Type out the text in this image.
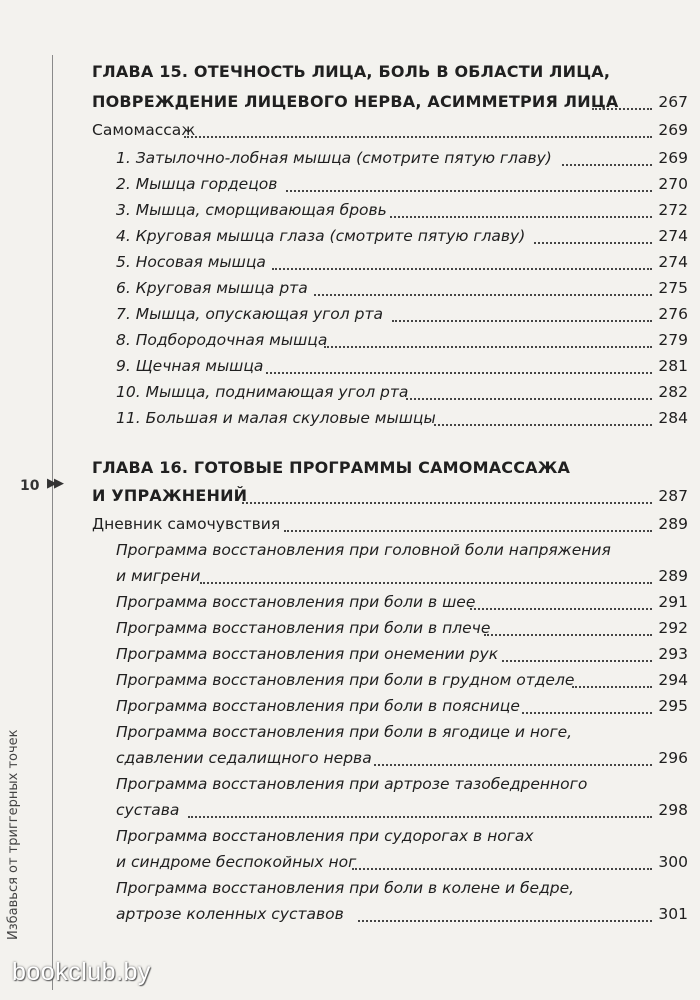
10 ▶▶
Избавься от триггерных точек
ГЛАВА 15. ОТЕЧНОСТЬ ЛИЦА, БОЛЬ В ОБЛАСТИ ЛИЦА,
ПОВРЕЖДЕНИЕ ЛИЦЕВОГО НЕРВА, АСИММЕТРИЯ ЛИЦА	267
Самомассаж	269
1. Затылочно-лобная мышца (смотрите пятую главу)	269
2. Мышца гордецов	270
3. Мышца, сморщивающая бровь	272
4. Круговая мышца глаза (смотрите пятую главу)	274
5. Носовая мышца	274
6. Круговая мышца рта	275
7. Мышца, опускающая угол рта	276
8. Подбородочная мышца	279
9. Щечная мышца	281
10. Мышца, поднимающая угол рта	282
11. Большая и малая скуловые мышцы	284
ГЛАВА 16. ГОТОВЫЕ ПРОГРАММЫ САМОМАССАЖА
И УПРАЖНЕНИЙ	287
Дневник самочувствия	289
Программа восстановления при головной боли напряжения
и мигрени	289
Программа восстановления при боли в шее	291
Программа восстановления при боли в плече	292
Программа восстановления при онемении рук	293
Программа восстановления при боли в грудном отделе	294
Программа восстановления при боли в пояснице	295
Программа восстановления при боли в ягодице и ноге,
сдавлении седалищного нерва	296
Программа восстановления при артрозе тазобедренного
сустава	298
Программа восстановления при судорогах в ногах
и синдроме беспокойных ног	300
Программа восстановления при боли в колене и бедре,
артрозе коленных суставов	301
bookclub.by
